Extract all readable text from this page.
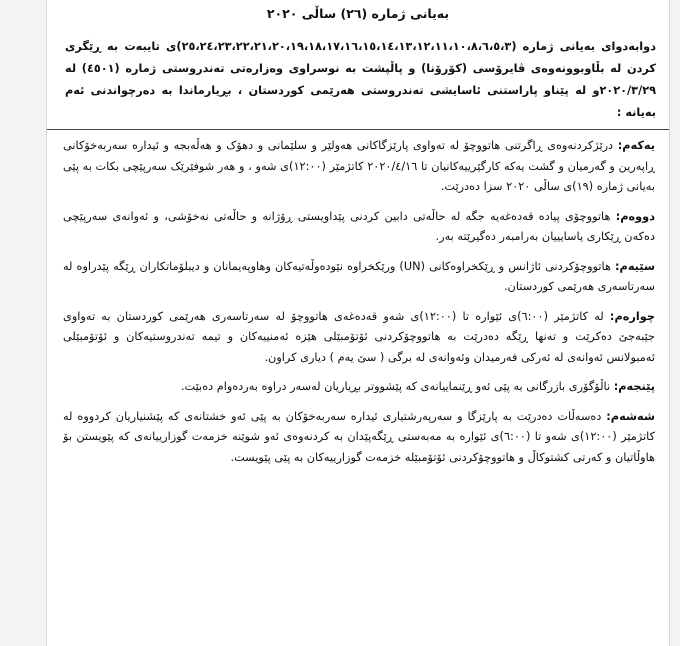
بەیانی ژمارە (٢٦) ساڵی ٢٠٢٠
دوابەدوای بەیانی ژمارە (٢٥،٢٤،٢٣،٢٢،٢١،٢٠،١٩،١٨،١٧،١٦،١٥،١٤،١٣،١٢،١١،١٠،٨،٦،٥،٣)ی تایبەت بە ڕێگری کردن لە بڵاوبوونەوەی ڤایرۆسی (کۆرۆنا) و پاڵپشت بە نوسراوی وەزارەتی تەندروستی ژمارە (٤٥٠١) لە ٢٠٢٠/٣/٢٩و لە پێناو پاراستنی ئاسایشی تەندروستی هەرێمی کوردستان ، بڕیارماندا بە دەرچواندنی ئەم بەیانە :
یەکەم: درێژکردنەوەی ڕاگرتنی هاتووچۆ لە تەواوی پارێزگاکانی هەولێر و سلێمانی و دهۆک و هەڵەبجە و ئیدارە سەربەخۆکانی ڕاپەرین و گەرمیان و گشت یەکە کارگێرییەکانیان تا ٢٠٢٠/٤/١٦ کاتژمێر (١٢:٠٠)ی شەو ، و هەر شوفێرێک سەرپێچی بکات بە پێی بەیانی ژمارە (١٩)ی ساڵی ٢٠٢٠ سزا دەدرێت.
دووەم: هاتووچۆی پیادە قەدەغەیە جگە لە حاڵەتی دابین کردنی پێداویستی ڕۆژانە و حاڵەتی نەخۆشی، و ئەوانەی سەرپێچی دەکەن ڕێکاری یاسایییان بەرامبەر دەگیرێتە بەر.
سێیەم: هاتووچۆکردنی ئاژانس و ڕێکخراوەکانی (UN) ورێکخراوە نێودەوڵەتیەکان وهاوپەیمانان و دیبلۆماتکاران ڕێگە پێدراوە لە سەرتاسەری هەرێمی کوردستان.
چوارەم: لە کاتژمێر (٦:٠٠)ی ئێوارە تا (١٢:٠٠)ی شەو قەدەغەی هاتووچۆ لە سەرتاسەری هەرێمی کوردستان بە تەواوی جێبەجێ دەکرێت و تەنها ڕێگە دەدرێت بە هاتووچۆکردنی ئۆتۆمبێلی هێزە ئەمنییەکان و تیمە تەندروستیەکان و ئۆتۆمبێلی ئەمبولانس ئەوانەی لە ئەرکی فەرمیدان وئەوانەی لە برگی ( سێ یەم ) دیاری کراون.
پێنجەم: ناڵۆگۆری بازرگانی بە پێی ئەو ڕێنماییانەی کە پێشووتر بڕیاریان لەسەر دراوە بەردەوام دەبێت.
شەشەم: دەسەڵات دەدرێت بە پارێزگا و سەرپەرشتیاری ئیدارە سەربەخۆکان بە پێی ئەو خشتانەی کە پێشنیاریان کردووە لە کاتژمێر (١٢:٠٠)ی شەو تا (٦:٠٠)ی ئێوارە بە مەبەستی ڕێگەپێدان بە کردنەوەی ئەو شوێنە خزمەت گوزارییانەی کە پێویستن بۆ هاوڵاتیان و کەرتی کشتوکاڵ و هاتووچۆکردنی ئۆتۆمبێلە خزمەت گوزارییەکان بە پێی پێویست.
